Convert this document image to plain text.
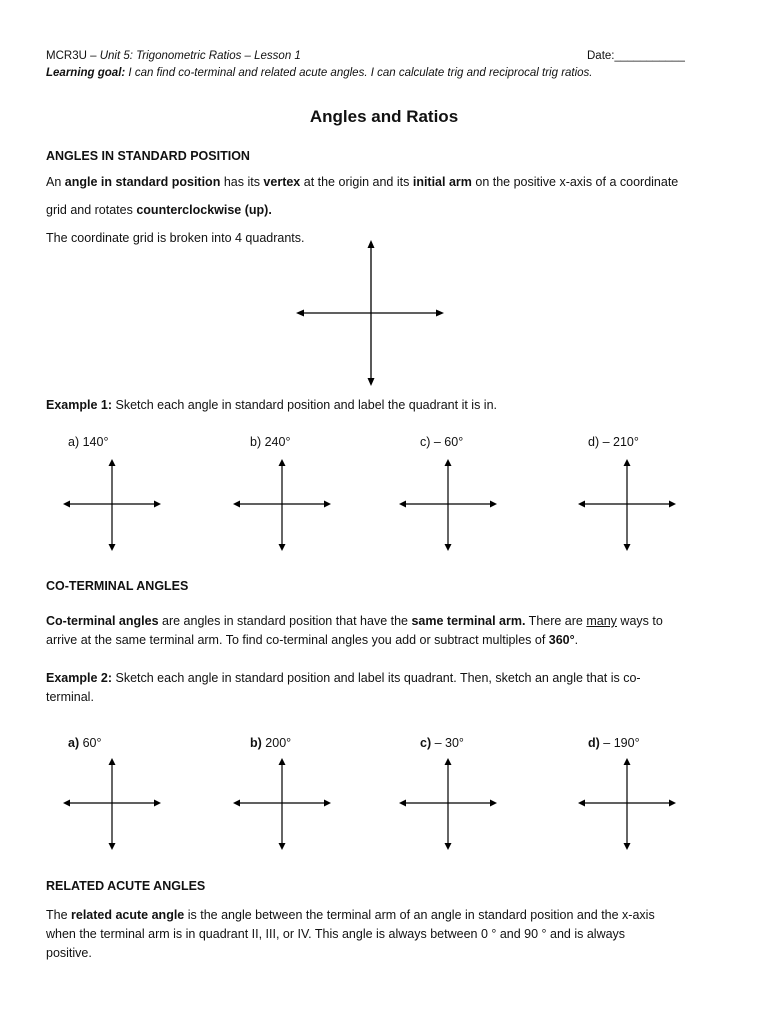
MCR3U – Unit 5: Trigonometric Ratios – Lesson 1	Date:___________
Learning goal: I can find co-terminal and related acute angles. I can calculate trig and reciprocal trig ratios.
Angles and Ratios
ANGLES IN STANDARD POSITION
An angle in standard position has its vertex at the origin and its initial arm on the positive x-axis of a coordinate
grid and rotates counterclockwise (up).
The coordinate grid is broken into 4 quadrants.
Example 1: Sketch each angle in standard position and label the quadrant it is in.
a) 140°	b) 240°	c) – 60°	d) – 210°
CO-TERMINAL ANGLES
Co-terminal angles are angles in standard position that have the same terminal arm. There are many ways to
arrive at the same terminal arm. To find co-terminal angles you add or subtract multiples of 360°.
Example 2: Sketch each angle in standard position and label its quadrant. Then, sketch an angle that is co-
terminal.
a) 60°	b) 200°	c) – 30°	d) – 190°
RELATED ACUTE ANGLES
The related acute angle is the angle between the terminal arm of an angle in standard position and the x-axis
when the terminal arm is in quadrant II, III, or IV. This angle is always between 0 ° and 90 ° and is always
positive.
